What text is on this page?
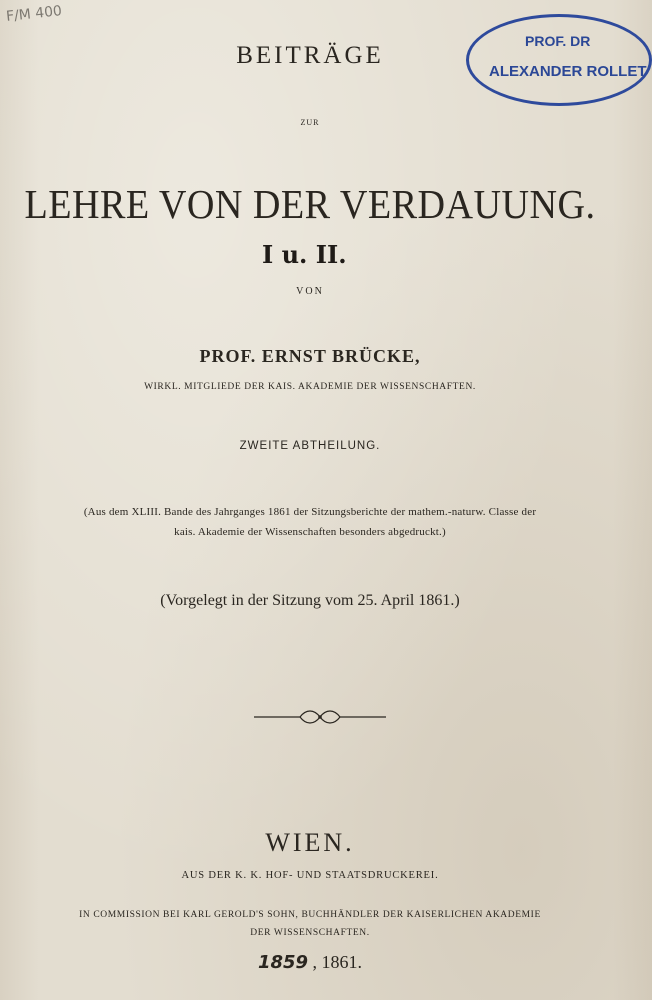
F/M 400
PROF. DR
ALEXANDER ROLLET
BEITRÄGE
ZUR
LEHRE VON DER VERDAUUNG.
I u. II.
VON
PROF. ERNST BRÜCKE,
WIRKL. MITGLIEDE DER KAIS. AKADEMIE DER WISSENSCHAFTEN.
ZWEITE ABTHEILUNG.
(Aus dem XLIII. Bande des Jahrganges 1861 der Sitzungsberichte der mathem.-naturw. Classe der
kais. Akademie der Wissenschaften besonders abgedruckt.)
(Vorgelegt in der Sitzung vom 25. April 1861.)
WIEN.
AUS DER K. K. HOF- UND STAATSDRUCKEREI.
IN COMMISSION BEI KARL GEROLD'S SOHN, BUCHHÄNDLER DER KAISERLICHEN AKADEMIE
DER WISSENSCHAFTEN.
1859 , 1861.
